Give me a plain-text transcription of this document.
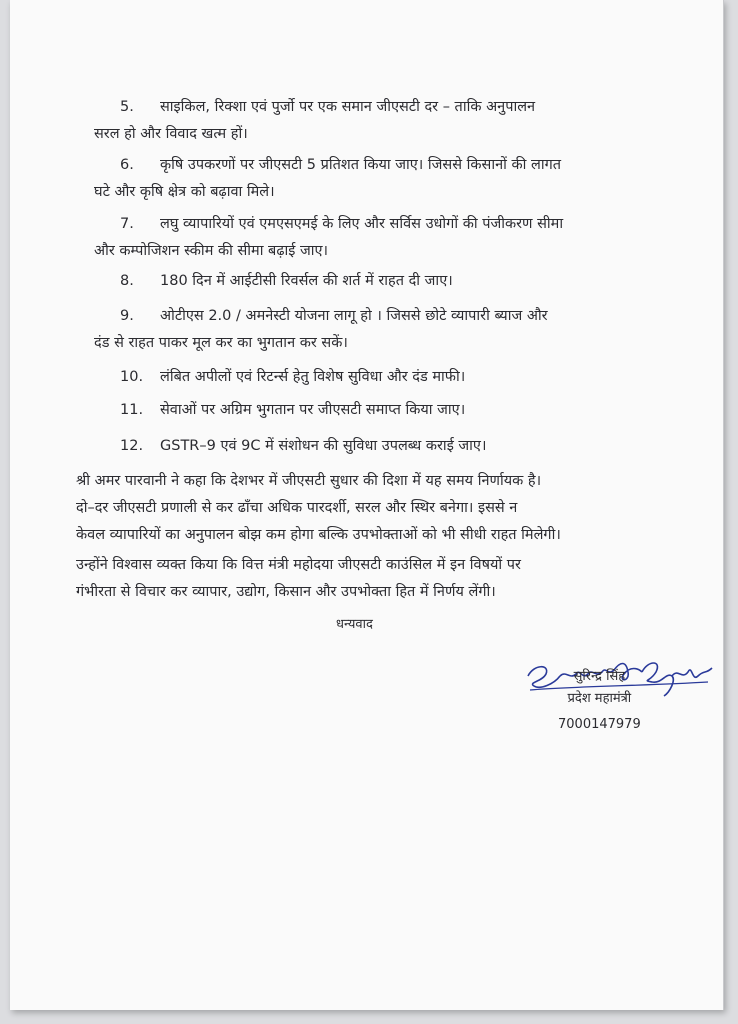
5.	साइकिल, रिक्शा एवं पुर्जो पर एक समान जीएसटी दर – ताकि अनुपालन
सरल हो और विवाद खत्म हों।
6.	कृषि उपकरणों पर जीएसटी 5 प्रतिशत किया जाए। जिससे किसानों की लागत
घटे और कृषि क्षेत्र को बढ़ावा मिले।
7.	लघु व्यापारियों एवं एमएसएमई के लिए और सर्विस उधोगों की पंजीकरण सीमा
और कम्पोजिशन स्कीम की सीमा बढ़ाई जाए।
8.	180 दिन में आईटीसी रिवर्सल की शर्त में राहत दी जाए।
9.	ओटीएस 2.0 / अमनेस्टी योजना लागू हो । जिससे छोटे व्यापारी ब्याज और
दंड से राहत पाकर मूल कर का भुगतान कर सकें।
10.	लंबित अपीलों एवं रिटर्न्स हेतु विशेष सुविधा और दंड माफी।
11.	सेवाओं पर अग्रिम भुगतान पर जीएसटी समाप्त किया जाए।
12.	GSTR–9 एवं 9C में संशोधन की सुविधा उपलब्ध कराई जाए।
श्री अमर पारवानी ने कहा कि देशभर में जीएसटी सुधार की दिशा में यह समय निर्णायक है।
दो–दर जीएसटी प्रणाली से कर ढाँचा अधिक पारदर्शी, सरल और स्थिर बनेगा। इससे न
केवल व्यापारियों का अनुपालन बोझ कम होगा बल्कि उपभोक्ताओं को भी सीधी राहत मिलेगी।
उन्होंने विश्वास व्यक्त किया कि वित्त मंत्री महोदया जीएसटी काउंसिल में इन विषयों पर
गंभीरता से विचार कर व्यापार, उद्योग, किसान और उपभोक्ता हित में निर्णय लेंगी।
धन्यवाद
सुरिन्द्र सिंह
प्रदेश महामंत्री
7000147979
